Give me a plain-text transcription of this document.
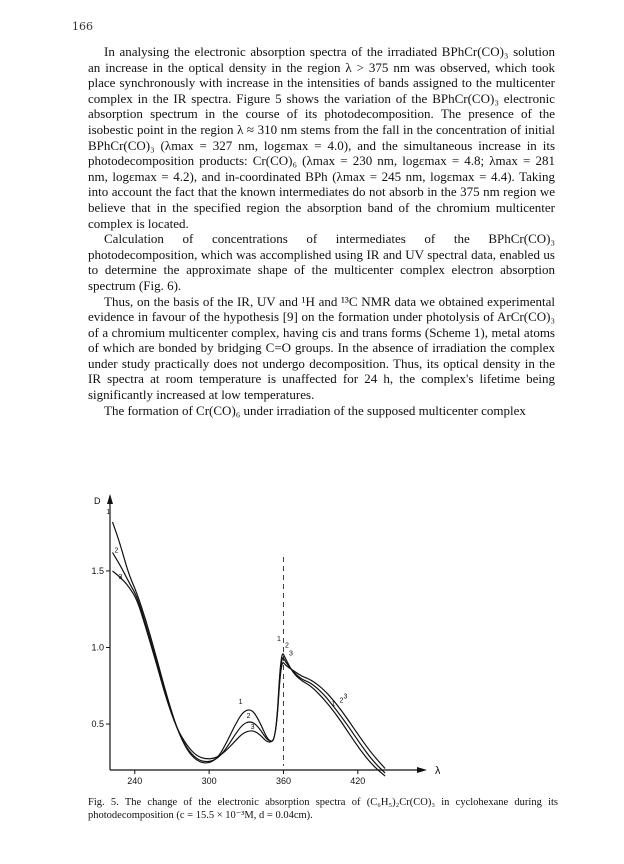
166

In analysing the electronic absorption spectra of the irradiated BPhCr(CO)₃ solution an increase in the optical density in the region λ > 375 nm was observed, which took place synchronously with increase in the intensities of bands assigned to the multicenter complex in the IR spectra. Figure 5 shows the variation of the BPhCr(CO)₃ electronic absorption spectrum in the course of its photodecomposition. The presence of the isobestic point in the region λ ≈ 310 nm stems from the fall in the concentration of initial BPhCr(CO)₃ (λmax = 327 nm, logεmax = 4.0), and the simultaneous increase in its photodecomposition products: Cr(CO)₆ (λmax = 230 nm, logεmax = 4.8; λmax = 281 nm, logεmax = 4.2), and in-coordinated BPh (λmax = 245 nm, logεmax = 4.4). Taking into account the fact that the known intermediates do not absorb in the 375 nm region we believe that in the specified region the absorption band of the chromium multicenter complex is located.

Calculation of concentrations of intermediates of the BPhCr(CO)₃ photodecomposition, which was accomplished using IR and UV spectral data, enabled us to determine the approximate shape of the multicenter complex electron absorption spectrum (Fig. 6).

Thus, on the basis of the IR, UV and ¹H and ¹³C NMR data we obtained experimental evidence in favour of the hypothesis [9] on the formation under photolysis of ArCr(CO)₃ of a chromium multicenter complex, having cis and trans forms (Scheme 1), metal atoms of which are bonded by bridging C=O groups. In the absence of irradiation the complex under study practically does not undergo decomposition. Thus, its optical density in the IR spectra at room temperature is unaffected for 24 h, the complex's lifetime being significantly increased at low temperatures.

The formation of Cr(CO)₆ under irradiation of the supposed multicenter complex

D
λ
0.5
1.0
1.5
240	300	360	420
1
1
1
1
2
2
2
2
3
3
3
3
Fig. 5. The change of the electronic absorption spectra of (C₆H₅)₂Cr(CO)₃ in cyclohexane during its photodecomposition (c = 15.5 × 10⁻³M, d = 0.04cm).
